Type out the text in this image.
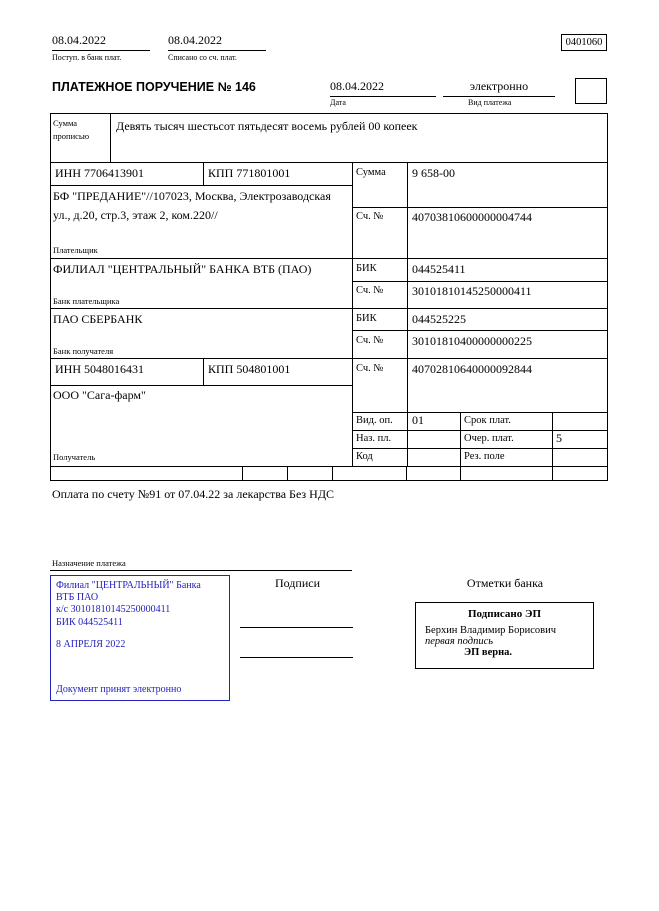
08.04.2022
Поступ. в банк плат.
08.04.2022
Списано со сч. плат.
0401060
ПЛАТЕЖНОЕ ПОРУЧЕНИЕ № 146	08.04.2022
Дата
электронно
Вид платежа
Сумма прописью
Девять тысяч шестьсот пятьдесят восемь рублей 00 копеек
ИНН 7706413901	КПП 771801001	Сумма 9 658-00
БФ "ПРЕДАНИЕ"//107023, Москва, Электрозаводская ул., д.20, стр.3, этаж 2, ком.220//	Сч. № 40703810600000004744
Плательщик
ФИЛИАЛ "ЦЕНТРАЛЬНЫЙ" БАНКА ВТБ (ПАО)	БИК	044525411
Сч. № 30101810145250000411
Банк плательщика
ПАО СБЕРБАНК	БИК	044525225
Сч. № 30101810400000000225
Банк получателя
ИНН 5048016431	КПП 504801001	Сч. № 40702810640000092844
ООО "Сага-фарм"
Получатель
Вид. оп. 01	Срок плат.
Наз. пл.	Очер. плат.	5
Код	Рез. поле
Оплата по счету №91 от 07.04.22 за лекарства Без НДС
Назначение платежа
Подписи	Отметки банка
Филиал "ЦЕНТРАЛЬНЫЙ" Банка
ВТБ ПАО
к/с 30101810145250000411
БИК 044525411
8 АПРЕЛЯ 2022
Документ принят электронно
Подписано ЭП
Берхин Владимир Борисович
первая подпись
ЭП верна.
